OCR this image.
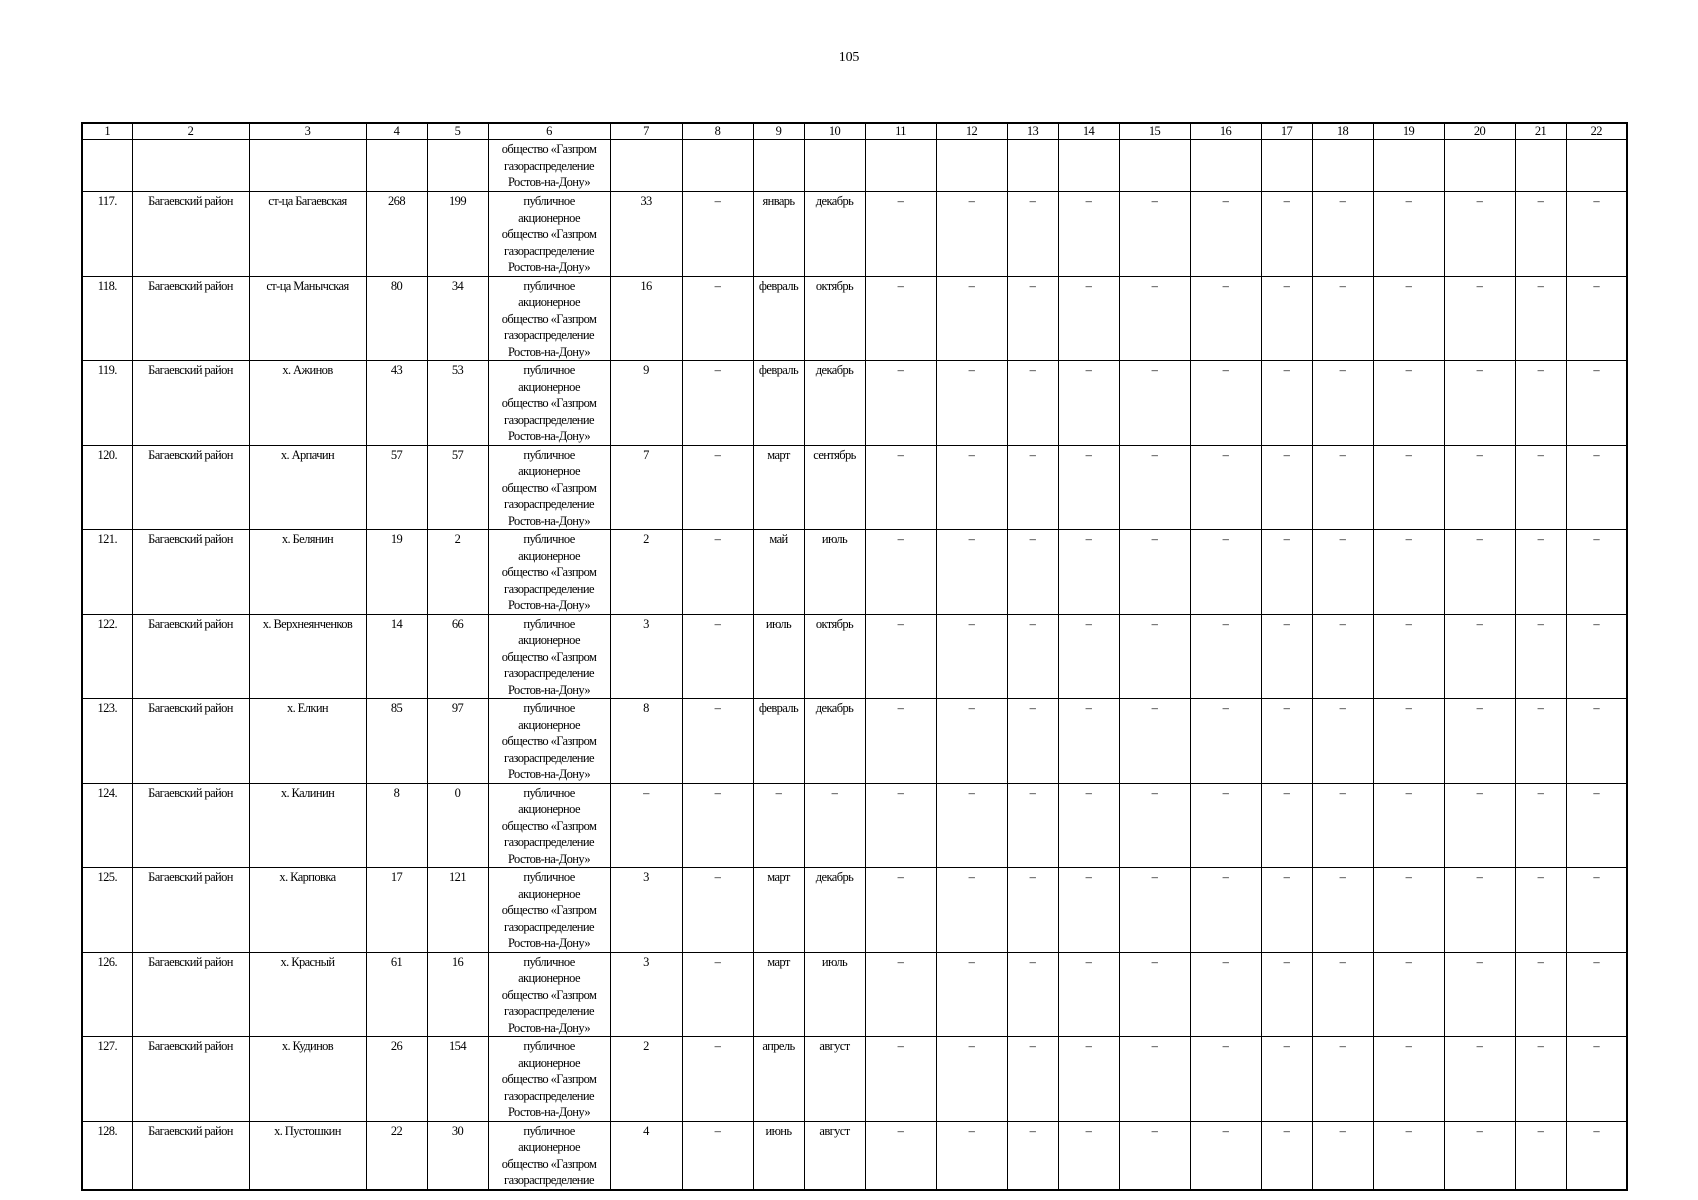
105
1	2	3	4	5	6	7	8	9	10	11	12	13	14	15	16	17	18	19	20	21	22

					общество «Газпром
газораспределение
Ростов-на-Дону»																

117.	Багаевский район	ст-ца Багаевская	268	199	публичное
акционерное
общество «Газпром
газораспределение
Ростов-на-Дону»	33	–	январь	декабрь	–	–	–	–	–	–	–	–	–	–	–	–
118.	Багаевский район	ст-ца Манычская	80	34	публичное
акционерное
общество «Газпром
газораспределение
Ростов-на-Дону»	16	–	февраль	октябрь	–	–	–	–	–	–	–	–	–	–	–	–
119.	Багаевский район	х. Ажинов	43	53	публичное
акционерное
общество «Газпром
газораспределение
Ростов-на-Дону»	9	–	февраль	декабрь	–	–	–	–	–	–	–	–	–	–	–	–
120.	Багаевский район	х. Арпачин	57	57	публичное
акционерное
общество «Газпром
газораспределение
Ростов-на-Дону»	7	–	март	сентябрь	–	–	–	–	–	–	–	–	–	–	–	–
121.	Багаевский район	х. Белянин	19	2	публичное
акционерное
общество «Газпром
газораспределение
Ростов-на-Дону»	2	–	май	июль	–	–	–	–	–	–	–	–	–	–	–	–
122.	Багаевский район	х. Верхнеянченков	14	66	публичное
акционерное
общество «Газпром
газораспределение
Ростов-на-Дону»	3	–	июль	октябрь	–	–	–	–	–	–	–	–	–	–	–	–
123.	Багаевский район	х. Елкин	85	97	публичное
акционерное
общество «Газпром
газораспределение
Ростов-на-Дону»	8	–	февраль	декабрь	–	–	–	–	–	–	–	–	–	–	–	–
124.	Багаевский район	х. Калинин	8	0	публичное
акционерное
общество «Газпром
газораспределение
Ростов-на-Дону»	–	–	–	–	–	–	–	–	–	–	–	–	–	–	–	–
125.	Багаевский район	х. Карповка	17	121	публичное
акционерное
общество «Газпром
газораспределение
Ростов-на-Дону»	3	–	март	декабрь	–	–	–	–	–	–	–	–	–	–	–	–
126.	Багаевский район	х. Красный	61	16	публичное
акционерное
общество «Газпром
газораспределение
Ростов-на-Дону»	3	–	март	июль	–	–	–	–	–	–	–	–	–	–	–	–
127.	Багаевский район	х. Кудинов	26	154	публичное
акционерное
общество «Газпром
газораспределение
Ростов-на-Дону»	2	–	апрель	август	–	–	–	–	–	–	–	–	–	–	–	–
128.	Багаевский район	х. Пустошкин	22	30	публичное
акционерное
общество «Газпром
газораспределение	4	–	июнь	август	–	–	–	–	–	–	–	–	–	–	–	–
